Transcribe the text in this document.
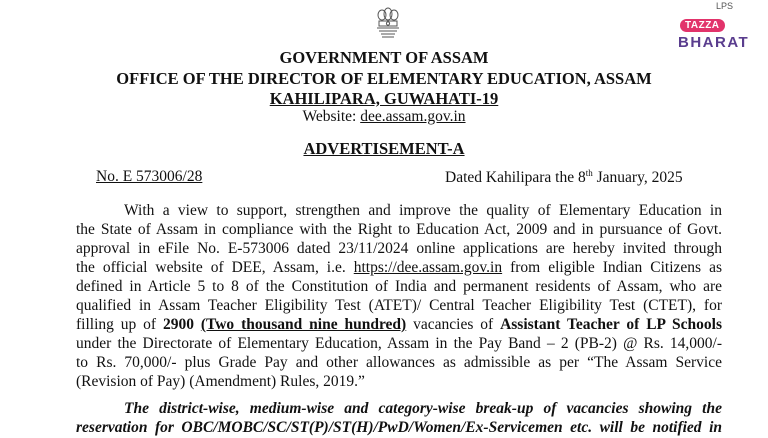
LPS
TAZZA
BHARAT
GOVERNMENT OF ASSAM
OFFICE OF THE DIRECTOR OF ELEMENTARY EDUCATION, ASSAM
KAHILIPARA, GUWAHATI-19
Website: dee.assam.gov.in
ADVERTISEMENT-A
No. E 573006/28	Dated Kahilipara the 8th January, 2025
With a view to support, strengthen and improve the quality of Elementary Education in
the State of Assam in compliance with the Right to Education Act, 2009 and in pursuance of Govt.
approval in eFile No. E-573006 dated 23/11/2024 online applications are hereby invited through
the official website of DEE, Assam, i.e. https://dee.assam.gov.in from eligible Indian Citizens as
defined in Article 5 to 8 of the Constitution of India and permanent residents of Assam, who are
qualified in Assam Teacher Eligibility Test (ATET)/ Central Teacher Eligibility Test (CTET), for
filling up of 2900 (Two thousand nine hundred) vacancies of Assistant Teacher of LP Schools
under the Directorate of Elementary Education, Assam in the Pay Band – 2 (PB-2) @ Rs. 14,000/-
to Rs. 70,000/- plus Grade Pay and other allowances as admissible as per “The Assam Service
(Revision of Pay) (Amendment) Rules, 2019.”
The district-wise, medium-wise and category-wise break-up of vacancies showing the
reservation for OBC/MOBC/SC/ST(P)/ST(H)/PwD/Women/Ex-Servicemen etc. will be notified in
